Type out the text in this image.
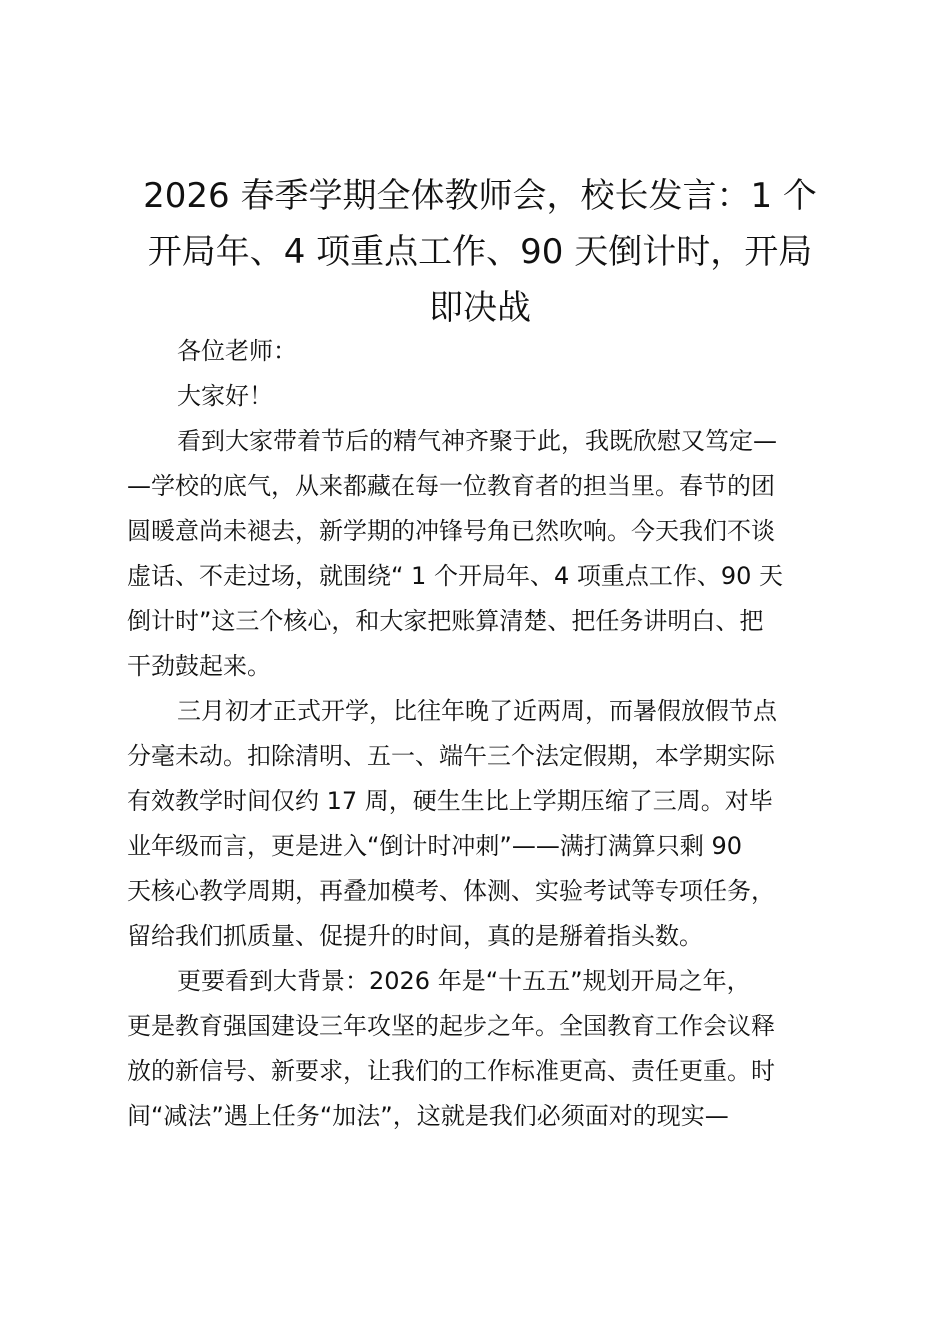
2026 春季学期全体教师会，校长发言：1 个
开局年、4 项重点工作、90 天倒计时，开局
即决战

各位老师：

大家好！

看到大家带着节后的精气神齐聚于此，我既欣慰又笃定—
—学校的底气，从来都藏在每一位教育者的担当里。春节的团
圆暖意尚未褪去，新学期的冲锋号角已然吹响。今天我们不谈
虚话、不走过场，就围绕“ 1 个开局年、4 项重点工作、90 天
倒计时”这三个核心，和大家把账算清楚、把任务讲明白、把
干劲鼓起来。

三月初才正式开学，比往年晚了近两周，而暑假放假节点
分毫未动。扣除清明、五一、端午三个法定假期，本学期实际
有效教学时间仅约 17 周，硬生生比上学期压缩了三周。对毕
业年级而言，更是进入“倒计时冲刺”——满打满算只剩 90
天核心教学周期，再叠加模考、体测、实验考试等专项任务，
留给我们抓质量、促提升的时间，真的是掰着指头数。

更要看到大背景：2026 年是“十五五”规划开局之年，
更是教育强国建设三年攻坚的起步之年。全国教育工作会议释
放的新信号、新要求，让我们的工作标准更高、责任更重。时
间“减法”遇上任务“加法”，这就是我们必须面对的现实—
